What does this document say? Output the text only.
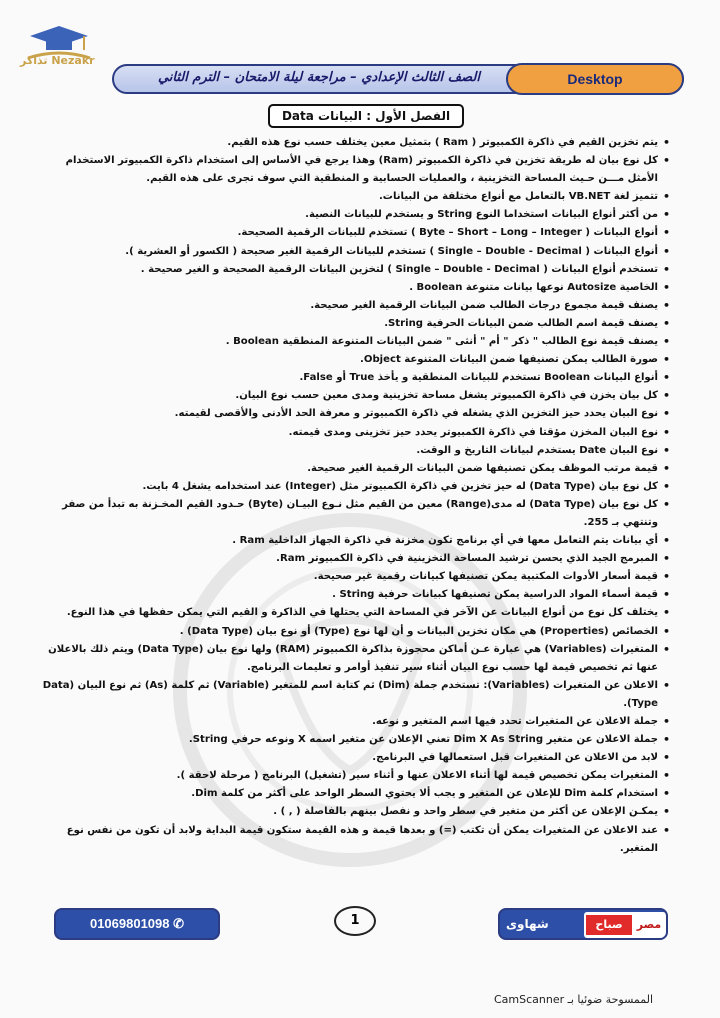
تذاكر Nezakr
الصف الثالث الإعدادي – مراجعة ليلة الامتحان – الترم الثاني	Desktop
الفصل الأول : البيانات Data
• يتم تخزين القيم في ذاكرة الكمبيوتر ( Ram ) بتمثيل معين يختلف حسب نوع هذه القيم.
• كل نوع بيان له طريقة تخزين في ذاكرة الكمبيوتر (Ram) وهذا يرجع في الأساس إلى استخدام ذاكرة الكمبيوتر الاستخدام الأمثل مـــن حـيث المساحة التخزينية ، والعمليات الحسابية و المنطقية التي سوف تجرى على هذه القيم.
• تتميز لغة VB.NET بالتعامل مع أنواع مختلفة من البيانات.
• من أكثر أنواع البيانات استخداما النوع String و يستخدم للبيانات النصية.
• أنواع البيانات ( Byte – Short – Long – Integer ) تستخدم للبيانات الرقمية الصحيحة.
• أنواع البيانات ( Single – Double - Decimal ) تستخدم للبيانات الرقمية الغير صحيحة ( الكسور أو العشرية ).
• تستخدم أنواع البيانات ( Single – Double - Decimal ) لتخزين البيانات الرقمية الصحيحة و الغير صحيحة .
• الخاصية Autosize نوعها بيانات متنوعة Boolean .
• يصنف قيمة مجموع درجات الطالب ضمن البيانات الرقمية الغير صحيحة.
• يصنف قيمة اسم الطالب ضمن البيانات الحرفية String.
• يصنف قيمة نوع الطالب " ذكر " أم " أنثى " ضمن البيانات المتنوعة المنطقية Boolean .
• صورة الطالب يمكن تصنيفها ضمن البيانات المتنوعة Object.
• أنواع البيانات Boolean تستخدم للبيانات المنطقية و يأخذ True أو False.
• كل بيان يخزن في ذاكرة الكمبيوتر يشغل مساحة تخزينية ومدى معين حسب نوع البيان.
• نوع البيان يحدد حيز التخزين الذي يشغله في ذاكرة الكمبيوتر و معرفة الحد الأدنى والأقصى لقيمته.
• نوع البيان المخزن مؤقتا في ذاكرة الكمبيوتر يحدد حيز تخزينى ومدى قيمته.
• نوع البيان Date يستخدم لبيانات التاريخ و الوقت.
• قيمة مرتب الموظف يمكن تصنيفها ضمن البيانات الرقمية الغير صحيحة.
• كل نوع بيان (Data Type) له حيز تخزين في ذاكرة الكمبيوتر مثل (Integer) عند استخدامه يشغل 4 بايت.
• كل نوع بيان (Data Type) له مدى(Range) معين من القيم مثل نـوع البيـان (Byte) حـدود القيم المخـزنة به تبدأ من صفر وتنتهي بـ 255.
• أي بيانات يتم التعامل معها في أي برنامج تكون مخزنة في ذاكرة الجهاز الداخلية Ram .
• المبرمج الجيد الذي يحسن ترشيد المساحة التخزينية في ذاكرة الكمبيوتر Ram.
• قيمة أسعار الأدوات المكتبية يمكن تصنيفها كبيانات رقمية غير صحيحة.
• قيمة أسماء المواد الدراسية يمكن تصنيفها كبيانات حرفية String .
• يختلف كل نوع من أنواع البيانات عن الآخر في المساحة التي يحتلها في الذاكرة و القيم التي يمكن حفظها في هذا النوع.
• الخصائص (Properties) هي مكان تخزين البيانات و أن لها نوع (Type) أو نوع بيان (Data Type) .
• المتغيرات (Variables) هي عبارة عـن أماكن محجوزة بذاكرة الكمبيوتر (RAM) ولها نوع بيان (Data Type) ويتم ذلك بالاعلان عنها ثم تخصيص قيمة لها حسب نوع البيان أثناء سير تنفيذ أوامر و تعليمات البرنامج.
• الاعلان عن المتغيرات (Variables): تستخدم جملة (Dim) ثم كتابة اسم للمتغير (Variable) ثم كلمة (As) ثم نوع البيان (Data Type).
• جملة الاعلان عن المتغيرات تحدد فيها اسم المتغير و نوعه.
• جملة الاعلان عن متغير Dim X As String تعني الإعلان عن متغير اسمه X ونوعه حرفي String.
• لابد من الاعلان عن المتغيرات قبل استعمالها في البرنامج.
• المتغيرات يمكن تخصيص قيمة لها أثناء الاعلان عنها و أثناء سير (تشغيل) البرنامج ( مرحلة لاحقة ).
• استخدام كلمة Dim للإعلان عن المتغير و يجب ألا يحتوي السطر الواحد على أكثر من كلمة Dim.
• يمكـن الإعلان عن أكثر من متغير في سطر واحد و نفصل بينهم بالفاصلة ( , ) .
• عند الاعلان عن المتغيرات يمكن أن تكتب (=) و بعدها قيمة و هذه القيمة ستكون قيمة البداية ولابد أن تكون من نفس نوع المتغير.
01069801098 ✆	1	شهاوى	صباح	مصر
الممسوحة ضوئيا بـ CamScanner
